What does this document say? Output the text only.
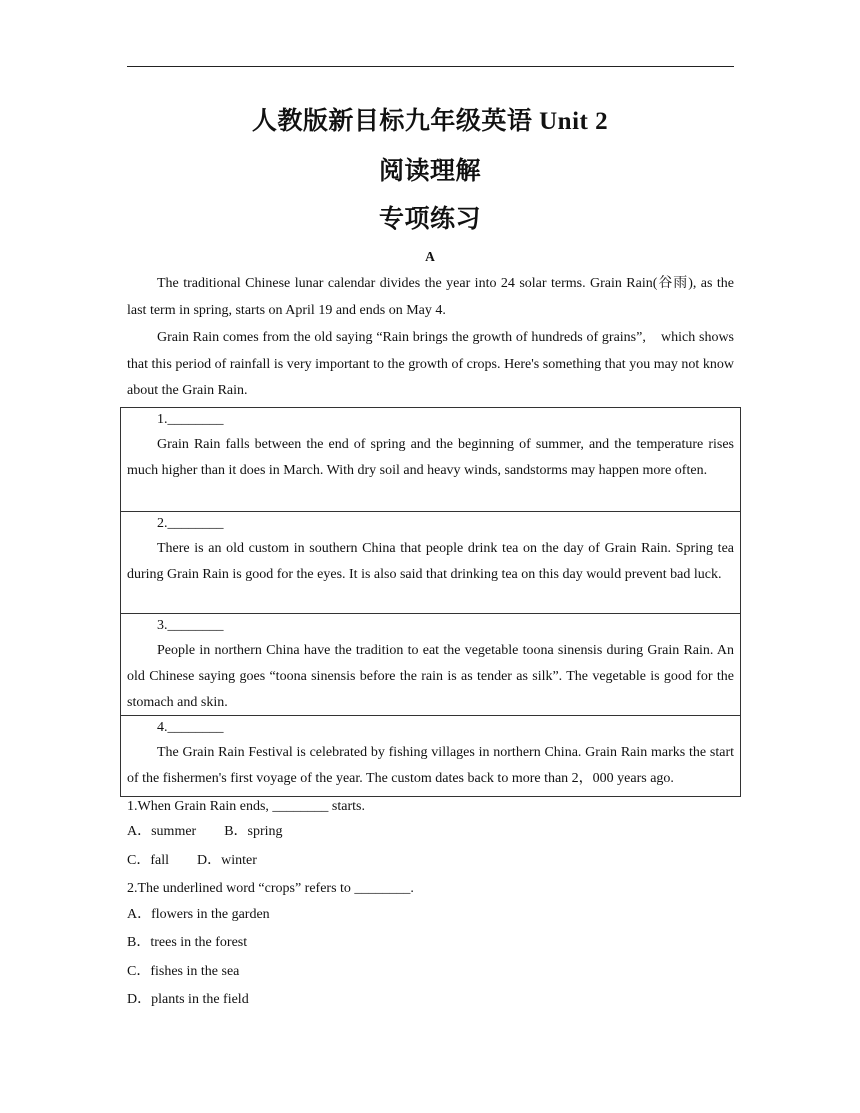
人教版新目标九年级英语 Unit 2
阅读理解
专项练习
A

The traditional Chinese lunar calendar divides the year into 24 solar terms. Grain Rain(谷雨), as the last term in spring, starts on April 19 and ends on May 4.

Grain Rain comes from the old saying “Rain brings the growth of hundreds of grains”,    which shows that this period of rainfall is very important to the growth of crops. Here's something that you may not know about the Grain Rain.

1.________

Grain Rain falls between the end of spring and the beginning of summer, and the temperature rises much higher than it does in March. With dry soil and heavy winds, sandstorms may happen more often.

2.________

There is an old custom in southern China that people drink tea on the day of Grain Rain. Spring tea during Grain Rain is good for the eyes. It is also said that drinking tea on this day would prevent bad luck.

3.________

People in northern China have the tradition to eat the vegetable toona sinensis during Grain Rain. An old Chinese saying goes “toona sinensis before the rain is as tender as silk”. The vegetable is good for the stomach and skin.

4.________

The Grain Rain Festival is celebrated by fishing villages in northern China. Grain Rain marks the start of the fishermen's first voyage of the year. The custom dates back to more than 2，000 years ago.

1.When Grain Rain ends, ________ starts.
A．summer B．spring
C．fall D．winter
2.The underlined word “crops” refers to ________.
A．flowers in the garden
B．trees in the forest
C．fishes in the sea
D．plants in the field
